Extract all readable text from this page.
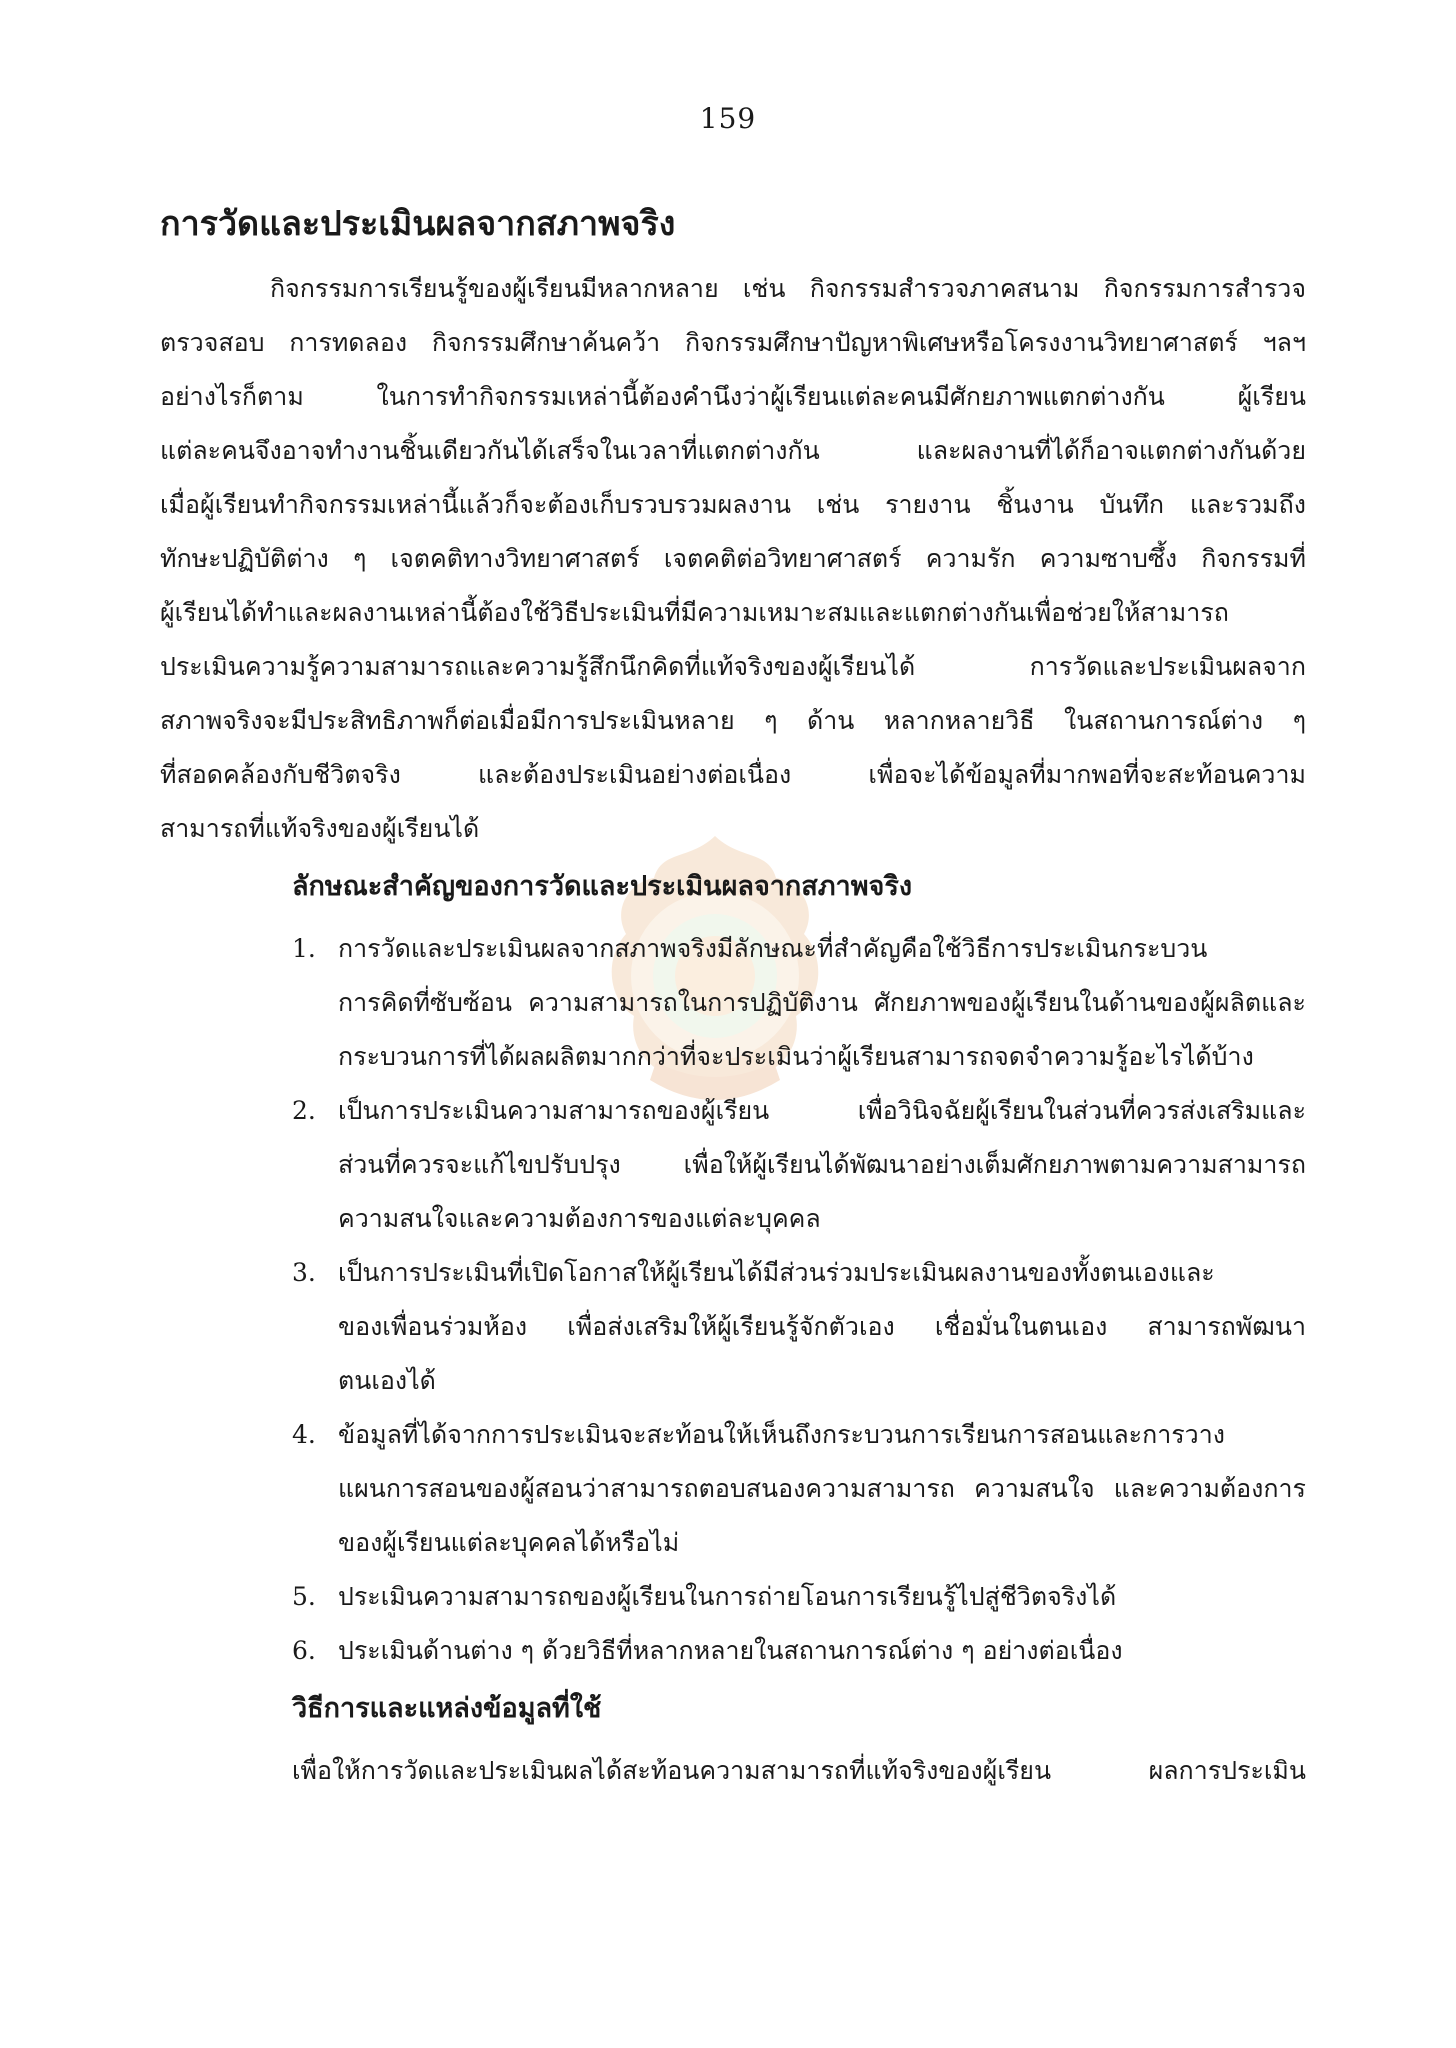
159
การวัดและประเมินผลจากสภาพจริง
กิจกรรมการเรียนรู้ของผู้เรียนมีหลากหลาย เช่น กิจกรรมสำรวจภาคสนาม กิจกรรมการสำรวจ
ตรวจสอบ การทดลอง กิจกรรมศึกษาค้นคว้า กิจกรรมศึกษาปัญหาพิเศษหรือโครงงานวิทยาศาสตร์ ฯลฯ
อย่างไรก็ตาม ในการทำกิจกรรมเหล่านี้ต้องคำนึงว่าผู้เรียนแต่ละคนมีศักยภาพแตกต่างกัน ผู้เรียน
แต่ละคนจึงอาจทำงานชิ้นเดียวกันได้เสร็จในเวลาที่แตกต่างกัน และผลงานที่ได้ก็อาจแตกต่างกันด้วย
เมื่อผู้เรียนทำกิจกรรมเหล่านี้แล้วก็จะต้องเก็บรวบรวมผลงาน เช่น รายงาน ชิ้นงาน บันทึก และรวมถึง
ทักษะปฏิบัติต่าง ๆ เจตคติทางวิทยาศาสตร์ เจตคติต่อวิทยาศาสตร์ ความรัก ความซาบซึ้ง กิจกรรมที่
ผู้เรียนได้ทำและผลงานเหล่านี้ต้องใช้วิธีประเมินที่มีความเหมาะสมและแตกต่างกันเพื่อช่วยให้สามารถ
ประเมินความรู้ความสามารถและความรู้สึกนึกคิดที่แท้จริงของผู้เรียนได้ การวัดและประเมินผลจาก
สภาพจริงจะมีประสิทธิภาพก็ต่อเมื่อมีการประเมินหลาย ๆ ด้าน หลากหลายวิธี ในสถานการณ์ต่าง ๆ
ที่สอดคล้องกับชีวิตจริง และต้องประเมินอย่างต่อเนื่อง เพื่อจะได้ข้อมูลที่มากพอที่จะสะท้อนความ
สามารถที่แท้จริงของผู้เรียนได้
ลักษณะสำคัญของการวัดและประเมินผลจากสภาพจริง
1. การวัดและประเมินผลจากสภาพจริงมีลักษณะที่สำคัญคือใช้วิธีการประเมินกระบวน
การคิดที่ซับซ้อน ความสามารถในการปฏิบัติงาน ศักยภาพของผู้เรียนในด้านของผู้ผลิตและ
กระบวนการที่ได้ผลผลิตมากกว่าที่จะประเมินว่าผู้เรียนสามารถจดจำความรู้อะไรได้บ้าง
2. เป็นการประเมินความสามารถของผู้เรียน เพื่อวินิจฉัยผู้เรียนในส่วนที่ควรส่งเสริมและ
ส่วนที่ควรจะแก้ไขปรับปรุง เพื่อให้ผู้เรียนได้พัฒนาอย่างเต็มศักยภาพตามความสามารถ
ความสนใจและความต้องการของแต่ละบุคคล
3. เป็นการประเมินที่เปิดโอกาสให้ผู้เรียนได้มีส่วนร่วมประเมินผลงานของทั้งตนเองและ
ของเพื่อนร่วมห้อง เพื่อส่งเสริมให้ผู้เรียนรู้จักตัวเอง เชื่อมั่นในตนเอง สามารถพัฒนา
ตนเองได้
4. ข้อมูลที่ได้จากการประเมินจะสะท้อนให้เห็นถึงกระบวนการเรียนการสอนและการวาง
แผนการสอนของผู้สอนว่าสามารถตอบสนองความสามารถ ความสนใจ และความต้องการ
ของผู้เรียนแต่ละบุคคลได้หรือไม่
5. ประเมินความสามารถของผู้เรียนในการถ่ายโอนการเรียนรู้ไปสู่ชีวิตจริงได้
6. ประเมินด้านต่าง ๆ ด้วยวิธีที่หลากหลายในสถานการณ์ต่าง ๆ อย่างต่อเนื่อง
วิธีการและแหล่งข้อมูลที่ใช้
เพื่อให้การวัดและประเมินผลได้สะท้อนความสามารถที่แท้จริงของผู้เรียน ผลการประเมิน
